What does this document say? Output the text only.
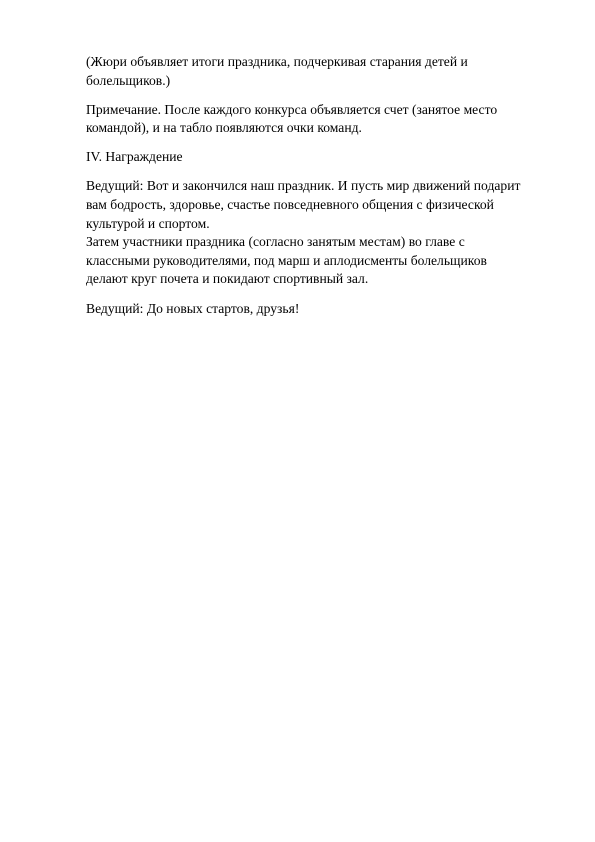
(Жюри объявляет итоги праздника, подчеркивая старания детей и
болельщиков.)

Примечание. После каждого конкурса объявляется счет (занятое место
командой), и на табло появляются очки команд.

IV. Награждение

Ведущий: Вот и закончился наш праздник. И пусть мир движений подарит
вам бодрость, здоровье, счастье повседневного общения с физической
культурой и спортом.
Затем участники праздника (согласно занятым местам) во главе с
классными руководителями, под марш и аплодисменты болельщиков
делают круг почета и покидают спортивный зал.

Ведущий: До новых стартов, друзья!
